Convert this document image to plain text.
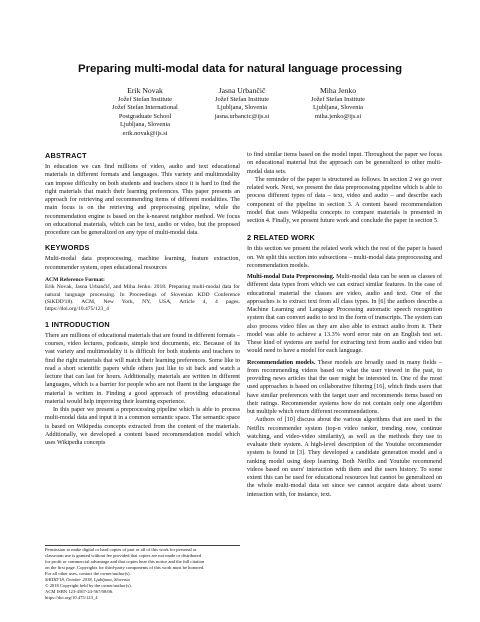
Preparing multi-modal data for natural language processing
Erik Novak
Jožef Stefan Institute
Jožef Stefan International
Postgraduate School
Ljubljana, Slovenia
erik.novak@ijs.si
Jasna Urbančič
Jožef Stefan Institute
Ljubljana, Slovenia
jasna.urbancic@ijs.si
Miha Jenko
Jožef Stefan Institute
Ljubljana, Slovenia
miha.jenko@ijs.si
ABSTRACT

In education we can find millions of video, audio and text educational materials in different formats and languages. This variety and multimodality can impose difficulty on both students and teachers since it is hard to find the right materials that match their learning preferences. This paper presents an approach for retrieving and recommending items of different modalities. The main focus is on the retrieving and preprocessing pipeline, while the recommendation engine is based on the k-nearest neighbor method. We focus on educational materials, which can be text, audio or video, but the proposed procedure can be generalized on any type of multi-modal data.

KEYWORDS

Multi-modal data preprocessing, machine learning, feature extraction, recommender system, open educational resources

ACM Reference Format:

Erik Novak, Jasna Urbančič, and Miha Jenko. 2018. Preparing multi-modal data for natural language processing. In Proceedings of Slovenian KDD Conference (SiKDD'18). ACM, New York, NY, USA, Article 4, 4 pages. https://doi.org/10.475/123_4

1 INTRODUCTION

There are millions of educational materials that are found in different formats – courses, video lectures, podcasts, simple text documents, etc. Because of its vast variety and multimodality it is difficult for both students and teachers to find the right materials that will match their learning preferences. Some like to read a short scientific papers while others just like to sit back and watch a lecture that can last for hours. Additionally, materials are written in different languages, which is a barrier for people who are not fluent in the language the material is written in. Finding a good approach of providing educational material would help improving their learning experience.

In this paper we present a preprocessing pipeline which is able to process multi-modal data and input it in a common semantic space. The semantic space is based on Wikipedia concepts extracted from the content of the materials. Additionally, we developed a content based recommendation model which uses Wikipedia concepts

Permission to make digital or hard copies of part or all of this work for personal or
classroom use is granted without fee provided that copies are not made or distributed
for profit or commercial advantage and that copies bear this notice and the full citation
on the first page. Copyrights for third-party components of this work must be honored.
For all other uses, contact the owner/author(s).
SiKDD'18, October 2018, Ljubljana, Slovenia
© 2018 Copyright held by the owner/author(s).
ACM ISBN 123-4567-24-567/08/06.
https://doi.org/10.475/123_4

to find similar items based on the model input. Throughout the paper we focus on educational material but the approach can be generalized to other multi-modal data sets.

The reminder of the paper is structured as follows. In section 2 we go over related work. Next, we present the data preprocessing pipeline which is able to process different types of data – text, video and audio – and describe each component of the pipeline in section 3. A content based recommendation model that uses Wikipedia concepts to compare materials is presented in section 4. Finally, we present future work and conclude the paper in section 5.

2 RELATED WORK

In this section we present the related work which the rest of the paper is based on. We split this section into subsections – multi-modal data preprocessing and recommendation models.

Multi-modal Data Preprocessing. Multi-modal data can be seen as classes of different data types from which we can extract similar features. In the case of educational material the classes are video, audio and text. One of the approaches is to extract text from all class types. In [6] the authors describe a Machine Learning and Language Processing automatic speech recognition system that can convert audio to text in the form of transcripts. The system can also process video files as they are also able to extract audio from it. Their model was able to achieve a 13.3% word error rate on an English test set. These kind of systems are useful for extracting text from audio and video but would need to have a model for each language.

Recommendation models. These models are broadly used in many fields – from recommending videos based on what the user viewed in the past, to providing news articles that the user might be interested in. One of the most used approaches is based on collaborative filtering [16], which finds users that have similar preferences with the target user and recommends items based on their ratings. Recommender systems how do not contain only one algorithm but multiple which return different recommendations.

Authors of [10] discuss about the various algorithms that are used in the Netflix recommender system (top-n video ranker, trending now, continue watching, and video-video similarity), as well as the methods they use to evaluate their system. A high-level description of the Youtube recommender system is found in [3]. They developed a candidate generation model and a ranking model using deep learning. Both Netflix and Youtube recommend videos based on users' interaction with them and the users history. To some extent this can be used for educational resources but cannot be generalized on the whole multi-modal data set since we cannot acquire data about users' interaction with, for instance, text.
